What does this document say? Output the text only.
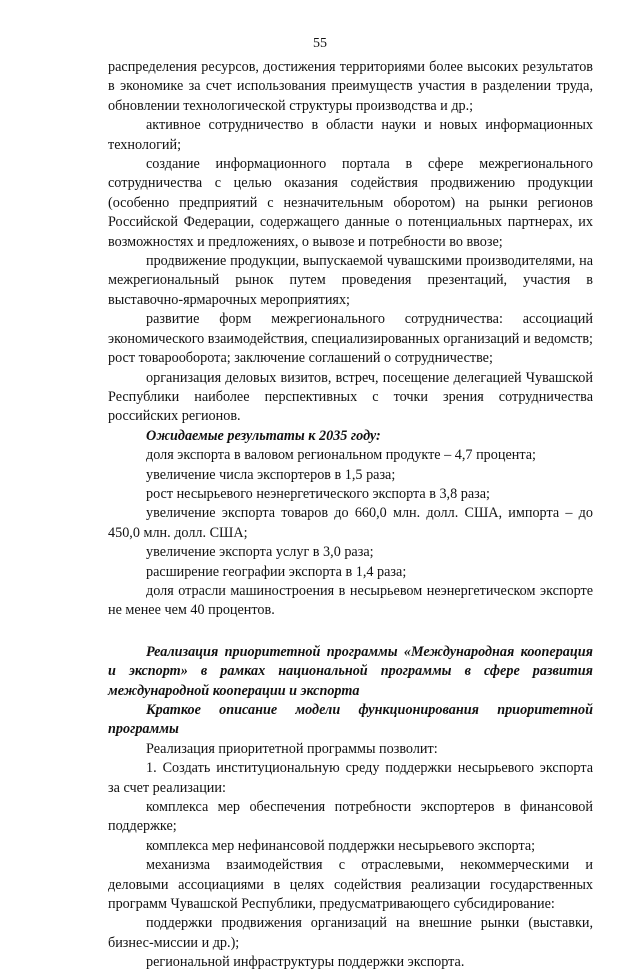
55

распределения ресурсов, достижения территориями более высоких результатов в экономике за счет использования преимуществ участия в разделении труда, обновлении технологической структуры производства и др.;

активное сотрудничество в области науки и новых информационных технологий;

создание информационного портала в сфере межрегионального сотрудничества с целью оказания содействия продвижению продукции (особенно предприятий с незначительным оборотом) на рынки регионов Российской Федерации, содержащего данные о потенциальных партнерах, их возможностях и предложениях, о вывозе и потребности во ввозе;

продвижение продукции, выпускаемой чувашскими производителями, на межрегиональный рынок путем проведения презентаций, участия в выставочно-ярмарочных мероприятиях;

развитие форм межрегионального сотрудничества: ассоциаций экономического взаимодействия, специализированных организаций и ведомств; рост товарооборота; заключение соглашений о сотрудничестве;

организация деловых визитов, встреч, посещение делегацией Чувашской Республики наиболее перспективных с точки зрения сотрудничества российских регионов.

Ожидаемые результаты к 2035 году:

доля экспорта в валовом региональном продукте – 4,7 процента;

увеличение числа экспортеров в 1,5 раза;

рост несырьевого неэнергетического экспорта в 3,8 раза;

увеличение экспорта товаров до 660,0 млн. долл. США, импорта – до 450,0 млн. долл. США;

увеличение экспорта услуг в 3,0 раза;

расширение географии экспорта в 1,4 раза;

доля отрасли машиностроения в несырьевом неэнергетическом экспорте не менее чем 40 процентов.

Реализация приоритетной программы «Международная кооперация и экспорт» в рамках национальной программы в сфере развития международной кооперации и экспорта

Краткое описание модели функционирования приоритетной программы

Реализация приоритетной программы позволит:

1. Создать институциональную среду поддержки несырьевого экспорта за счет реализации:

комплекса мер обеспечения потребности экспортеров в финансовой поддержке;

комплекса мер нефинансовой поддержки несырьевого экспорта;

механизма взаимодействия с отраслевыми, некоммерческими и деловыми ассоциациями в целях содействия реализации государственных программ Чувашской Республики, предусматривающего субсидирование:

поддержки продвижения организаций на внешние рынки (выставки, бизнес-миссии и др.);

региональной инфраструктуры поддержки экспорта.
